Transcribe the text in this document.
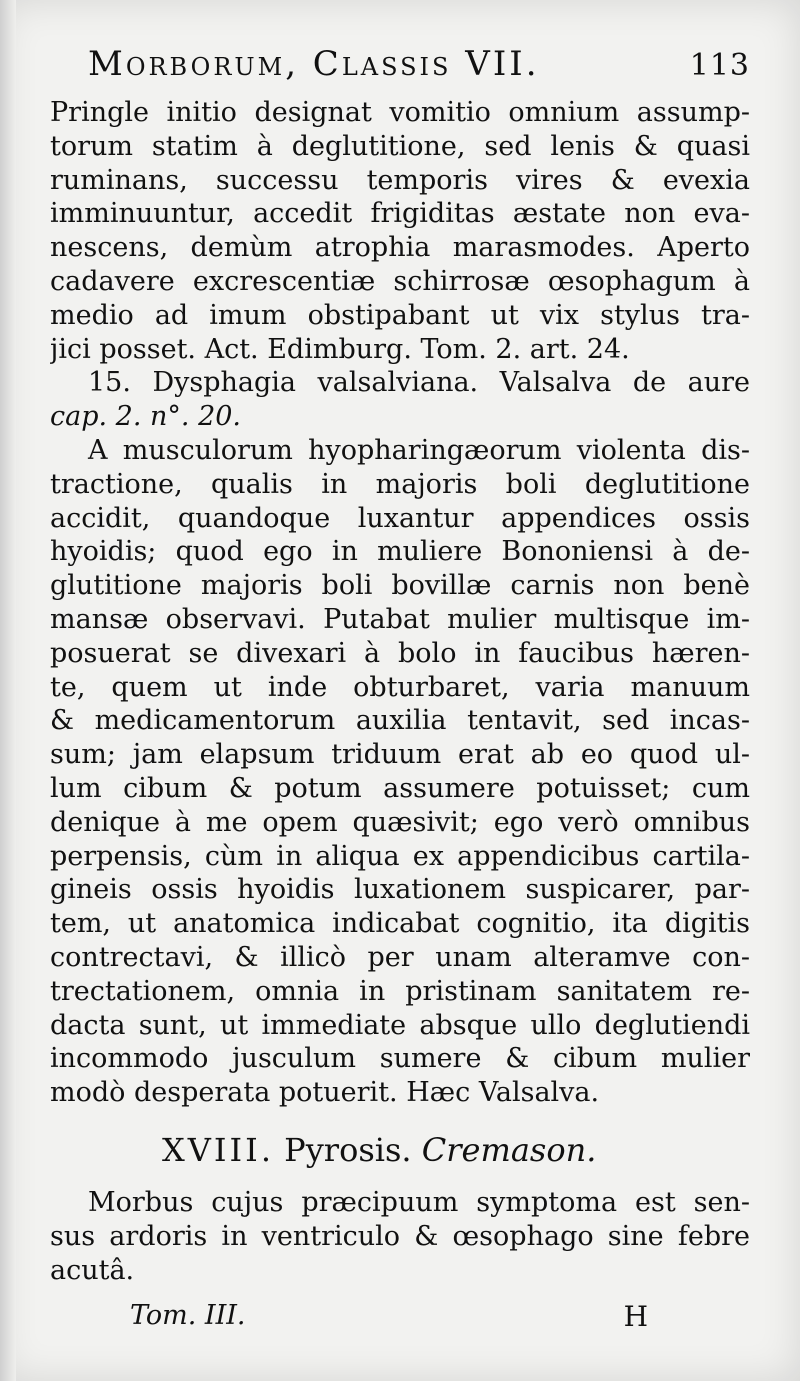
Morborum, Classis VII.	113
Pringle initio designat vomitio omnium assump-
torum statim à deglutitione, sed lenis & quasi
ruminans, successu temporis vires & evexia
imminuuntur, accedit frigiditas æstate non eva-
nescens, demùm atrophia marasmodes. Aperto
cadavere excrescentiæ schirrosæ œsophagum à
medio ad imum obstipabant ut vix stylus tra-
jici posset. Act. Edimburg. Tom. 2. art. 24.
15. Dysphagia valsalviana. Valsalva de aure
cap. 2. n°. 20.
A musculorum hyopharingæorum violenta dis-
tractione, qualis in majoris boli deglutitione
accidit, quandoque luxantur appendices ossis
hyoidis; quod ego in muliere Bononiensi à de-
glutitione majoris boli bovillæ carnis non benè
mansæ observavi. Putabat mulier multisque im-
posuerat se divexari à bolo in faucibus hæren-
te, quem ut inde obturbaret, varia manuum
& medicamentorum auxilia tentavit, sed incas-
sum; jam elapsum triduum erat ab eo quod ul-
lum cibum & potum assumere potuisset; cum
denique à me opem quæsivit; ego verò omnibus
perpensis, cùm in aliqua ex appendicibus cartila-
gineis ossis hyoidis luxationem suspicarer, par-
tem, ut anatomica indicabat cognitio, ita digitis
contrectavi, & illicò per unam alteramve con-
trectationem, omnia in pristinam sanitatem re-
dacta sunt, ut immediate absque ullo deglutiendi
incommodo jusculum sumere & cibum mulier
modò desperata potuerit. Hæc Valsalva.
XVIII. Pyrosis. Cremason.
Morbus cujus præcipuum symptoma est sen-
sus ardoris in ventriculo & œsophago sine febre
acutâ.
Tom. III.	H
